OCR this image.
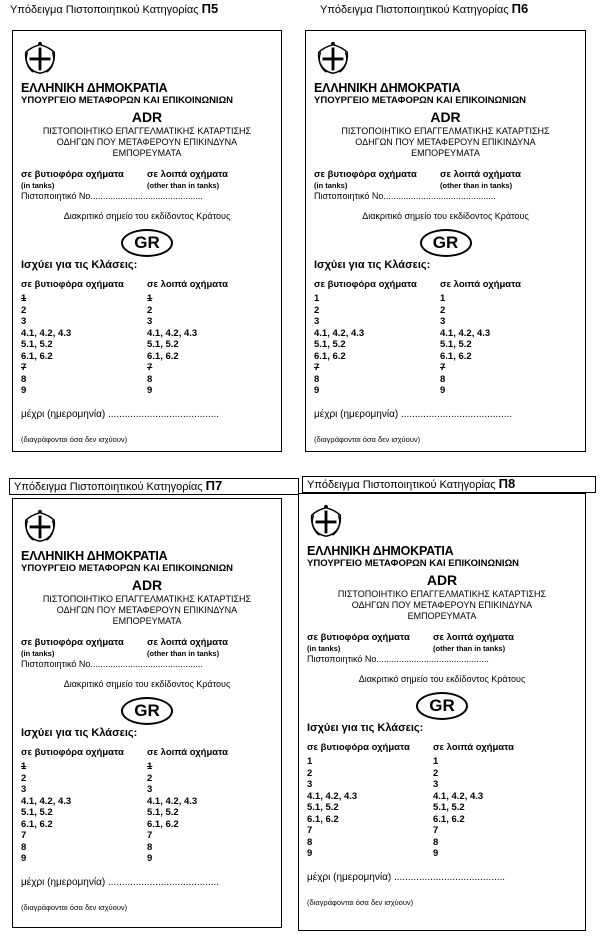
Υπόδειγμα Πιστοποιητικού Κατηγορίας Π5	Υπόδειγμα Πιστοποιητικού Κατηγορίας Π6
Υπόδειγμα Πιστοποιητικού Κατηγορίας Π7	Υπόδειγμα Πιστοποιητικού Κατηγορίας Π8
ΕΛΛΗΝΙΚΗ ΔΗΜΟΚΡΑΤΙΑ
ΥΠΟΥΡΓΕΙΟ ΜΕΤΑΦΟΡΩΝ ΚΑΙ ΕΠΙΚΟΙΝΩΝΙΩΝ
ADR
ΠΙΣΤΟΠΟΙΗΤΙΚΟ ΕΠΑΓΓΕΛΜΑΤΙΚΗΣ ΚΑΤΑΡΤΙΣΗΣ
ΟΔΗΓΩΝ ΠΟΥ ΜΕΤΑΦΕΡΟΥΝ ΕΠΙΚΙΝΔΥΝΑ
ΕΜΠΟΡΕΥΜΑΤΑ
σε βυτιοφόρα οχήματα σε λοιπά οχήματα
(in tanks)	(other than in tanks)
Πιστοποιητικό Νο.............................................
Διακριτικό σημείο του εκδίδοντος Κράτους
GR
Ισχύει για τις Κλάσεις:
σε βυτιοφόρα οχήματα σε λοιπά οχήματα
1	1
2	2
3	3
4.1, 4.2, 4.3	4.1, 4.2, 4.3
5.1, 5.2	5.1, 5.2
6.1, 6.2	6.1, 6.2
7	7
8	8
9	9
μέχρι (ημερομηνία) ........................................
(διαγράφονται όσα δεν ισχύουν)
ΕΛΛΗΝΙΚΗ ΔΗΜΟΚΡΑΤΙΑ
ΥΠΟΥΡΓΕΙΟ ΜΕΤΑΦΟΡΩΝ ΚΑΙ ΕΠΙΚΟΙΝΩΝΙΩΝ
ADR
ΠΙΣΤΟΠΟΙΗΤΙΚΟ ΕΠΑΓΓΕΛΜΑΤΙΚΗΣ ΚΑΤΑΡΤΙΣΗΣ
ΟΔΗΓΩΝ ΠΟΥ ΜΕΤΑΦΕΡΟΥΝ ΕΠΙΚΙΝΔΥΝΑ
ΕΜΠΟΡΕΥΜΑΤΑ
σε βυτιοφόρα οχήματα σε λοιπά οχήματα
(in tanks)	(other than in tanks)
Πιστοποιητικό Νο.............................................
Διακριτικό σημείο του εκδίδοντος Κράτους
GR
Ισχύει για τις Κλάσεις:
σε βυτιοφόρα οχήματα σε λοιπά οχήματα
1	1
2	2
3	3
4.1, 4.2, 4.3	4.1, 4.2, 4.3
5.1, 5.2	5.1, 5.2
6.1, 6.2	6.1, 6.2
7	7
8	8
9	9
μέχρι (ημερομηνία) ........................................
(διαγράφονται όσα δεν ισχύουν)
ΕΛΛΗΝΙΚΗ ΔΗΜΟΚΡΑΤΙΑ
ΥΠΟΥΡΓΕΙΟ ΜΕΤΑΦΟΡΩΝ ΚΑΙ ΕΠΙΚΟΙΝΩΝΙΩΝ
ADR
ΠΙΣΤΟΠΟΙΗΤΙΚΟ ΕΠΑΓΓΕΛΜΑΤΙΚΗΣ ΚΑΤΑΡΤΙΣΗΣ
ΟΔΗΓΩΝ ΠΟΥ ΜΕΤΑΦΕΡΟΥΝ ΕΠΙΚΙΝΔΥΝΑ
ΕΜΠΟΡΕΥΜΑΤΑ
σε βυτιοφόρα οχήματα σε λοιπά οχήματα
(in tanks)	(other than in tanks)
Πιστοποιητικό Νο.............................................
Διακριτικό σημείο του εκδίδοντος Κράτους
GR
Ισχύει για τις Κλάσεις:
σε βυτιοφόρα οχήματα σε λοιπά οχήματα
1	1
2	2
3	3
4.1, 4.2, 4.3	4.1, 4.2, 4.3
5.1, 5.2	5.1, 5.2
6.1, 6.2	6.1, 6.2
7	7
8	8
9	9
μέχρι (ημερομηνία) ........................................
(διαγράφονται όσα δεν ισχύουν)
ΕΛΛΗΝΙΚΗ ΔΗΜΟΚΡΑΤΙΑ
ΥΠΟΥΡΓΕΙΟ ΜΕΤΑΦΟΡΩΝ ΚΑΙ ΕΠΙΚΟΙΝΩΝΙΩΝ
ADR
ΠΙΣΤΟΠΟΙΗΤΙΚΟ ΕΠΑΓΓΕΛΜΑΤΙΚΗΣ ΚΑΤΑΡΤΙΣΗΣ
ΟΔΗΓΩΝ ΠΟΥ ΜΕΤΑΦΕΡΟΥΝ ΕΠΙΚΙΝΔΥΝΑ
ΕΜΠΟΡΕΥΜΑΤΑ
σε βυτιοφόρα οχήματα σε λοιπά οχήματα
(in tanks)	(other than in tanks)
Πιστοποιητικό Νο.............................................
Διακριτικό σημείο του εκδίδοντος Κράτους
GR
Ισχύει για τις Κλάσεις:
σε βυτιοφόρα οχήματα σε λοιπά οχήματα
1	1
2	2
3	3
4.1, 4.2, 4.3	4.1, 4.2, 4.3
5.1, 5.2	5.1, 5.2
6.1, 6.2	6.1, 6.2
7	7
8	8
9	9
μέχρι (ημερομηνία) ........................................
(διαγράφονται όσα δεν ισχύουν)
